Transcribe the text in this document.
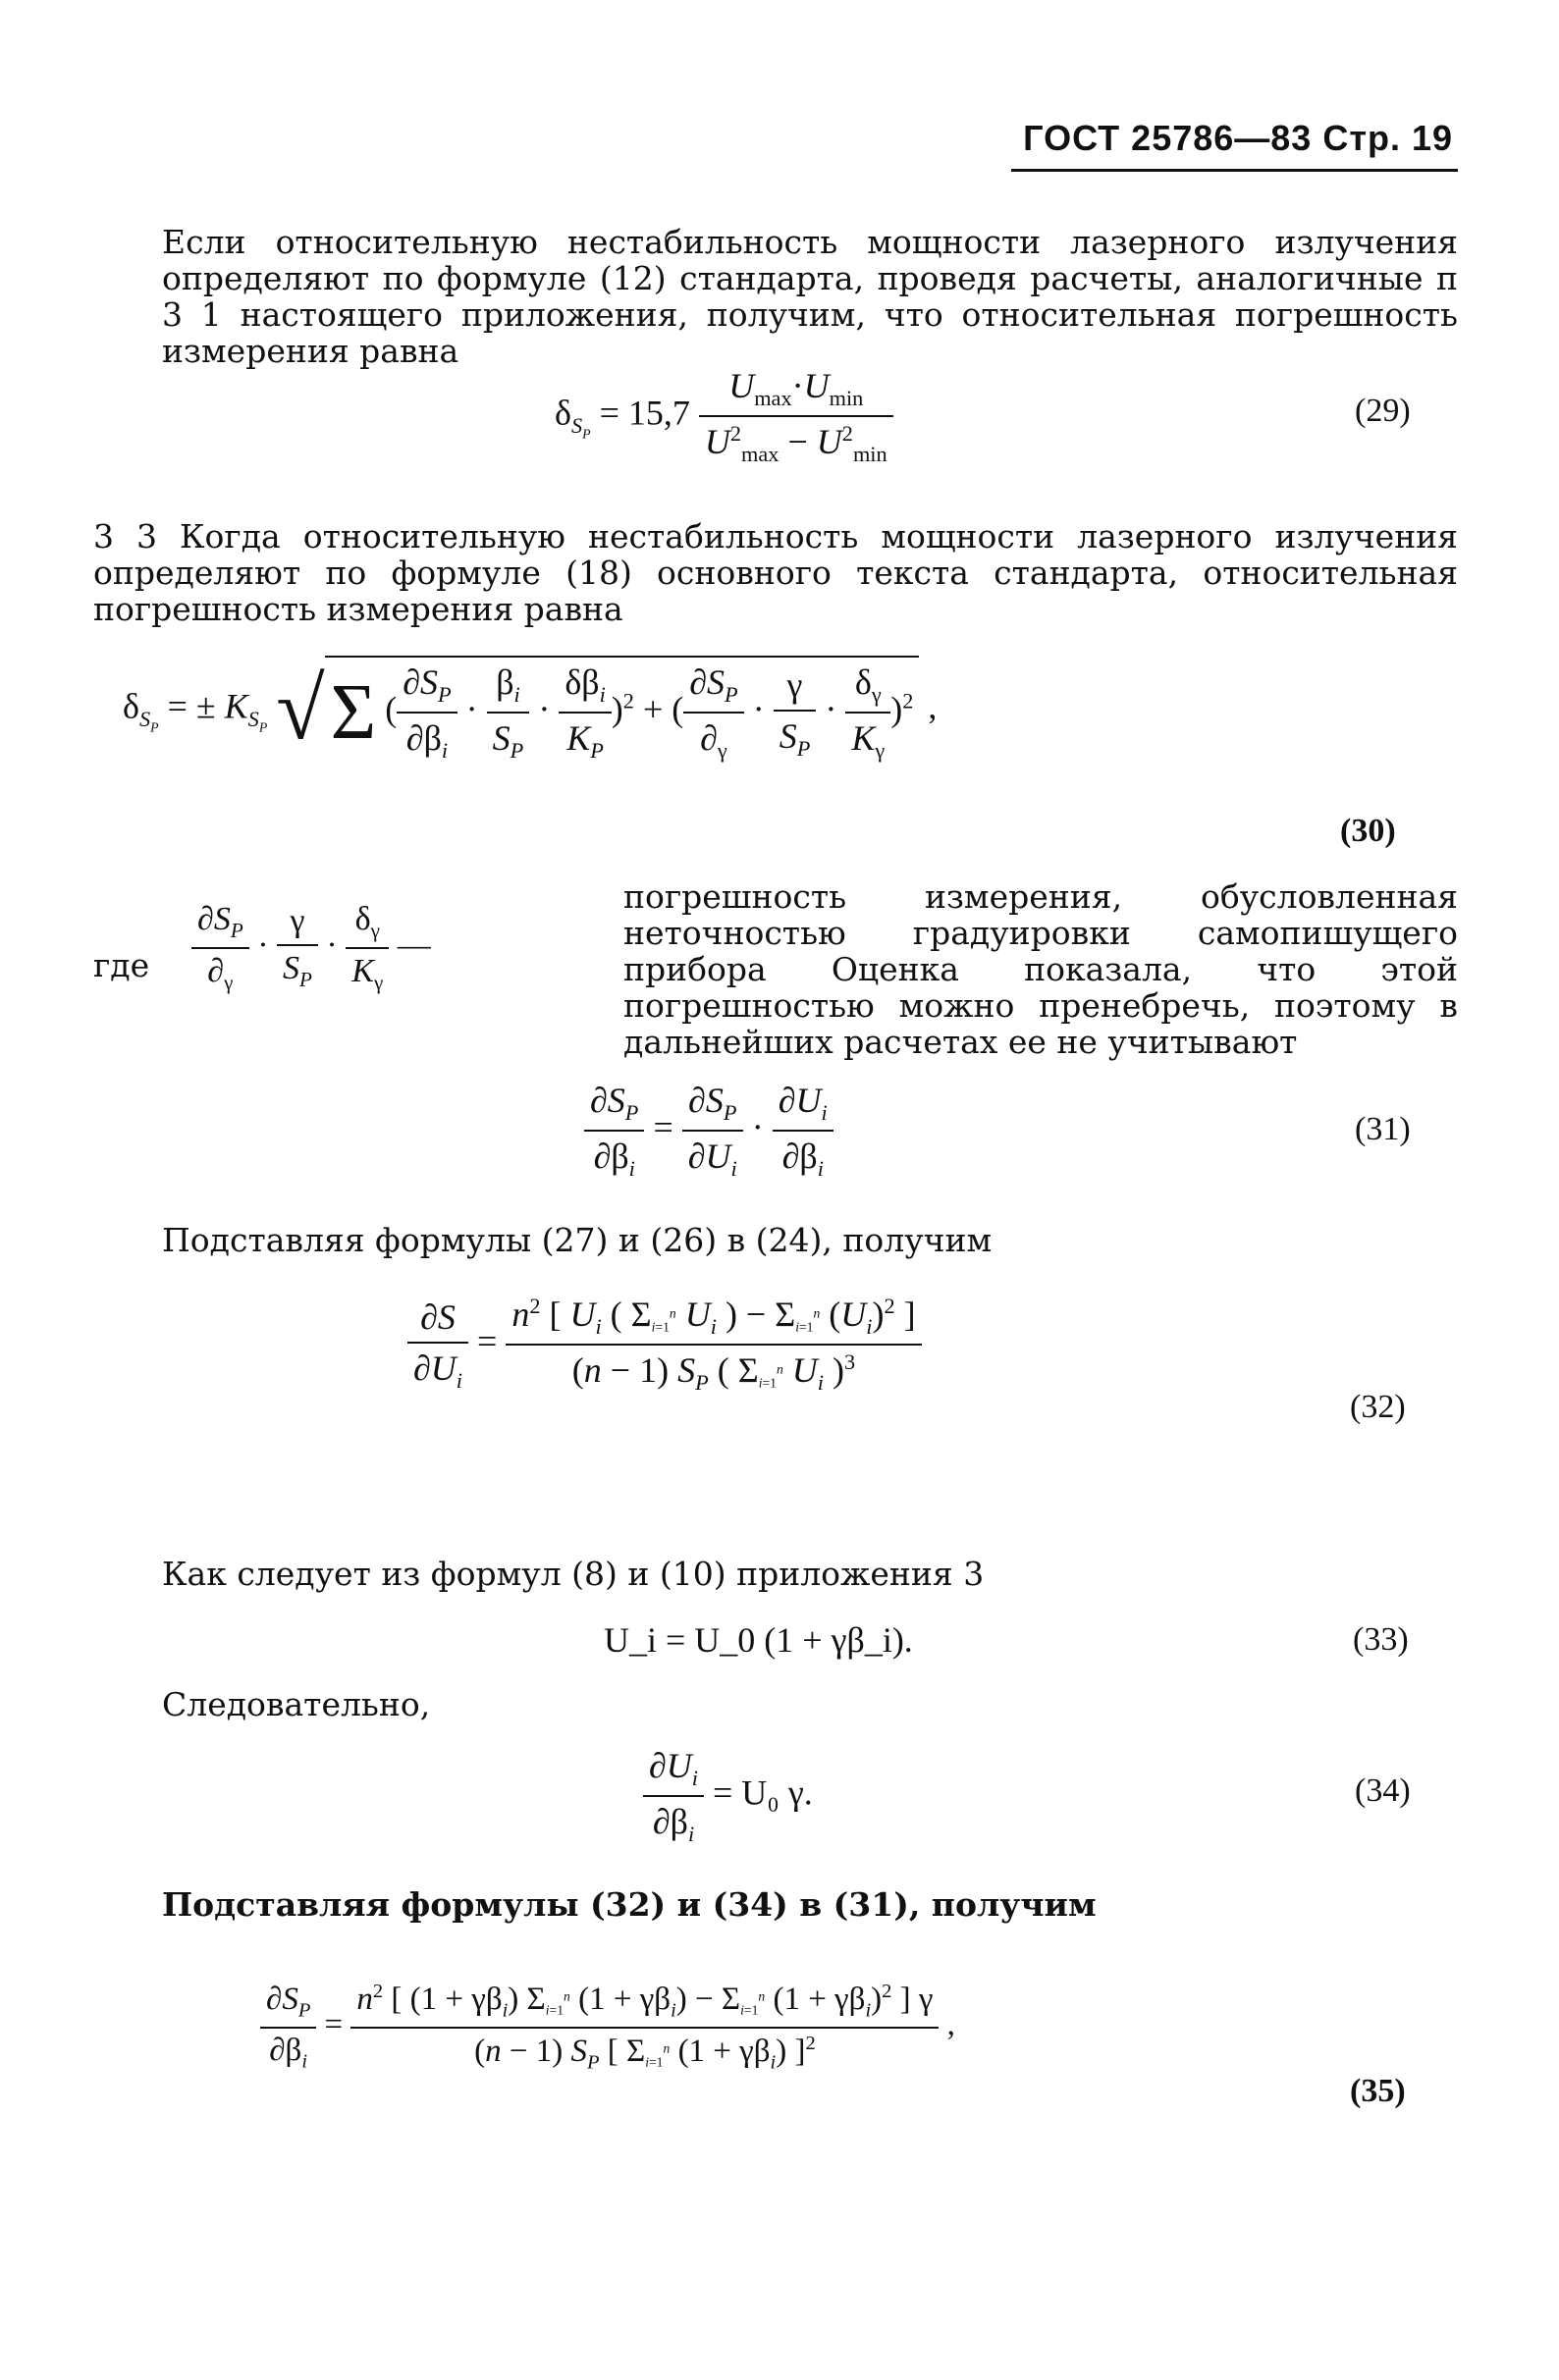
ГОСТ 25786—83 Стр. 19
Если относительную нестабильность мощности лазерного излучения определяют по формуле (12) стандарта, проведя расчеты, аналогичные п 3 1 настоящего приложения, получим, что относительная погрешность измерения равна
$\delta_{S_P} = 15,7 \frac{U_{max}\cdot U_{min}}{U^2_{max} - U^2_{min}}$	(29)
3 3 Когда относительную нестабильность мощности лазерного излучения определяют по формуле (18) основного текста стандарта, относительная погрешность измерения равна
$\delta_{S_P}$ = ± $K_{S_P}$ √Σ ( $\frac{\partial S_P}{\partial\beta_i} \cdot \frac{\beta_i}{S_P} \cdot \frac{\delta\beta_i}{K_P} )^2$ + ( $\frac{\partial S_P}{\partial_\gamma} \cdot \frac{\gamma}{S_P} \cdot \frac{\delta_\gamma}{K_\gamma} )^2$ ,
(30)
где $\frac{\partial S_P}{\partial_\gamma} \cdot \frac{\gamma}{S_P} \cdot \frac{\delta_\gamma}{K_\gamma}$ —
погрешность измерения, обусловленная неточностью градуировки самопишущего прибора Оценка показала, что этой погрешностью можно пренебречь, поэтому в дальнейших расчетах ее не учитывают
$\frac{\partial S_P}{\partial\beta_i} = \frac{\partial S_P}{\partial U_i} \cdot \frac{\partial U_i}{\partial\beta_i}$	(31)
Подставляя формулы (27) и (26) в (24), получим
$\frac{\partial S}{\partial U_i} = \frac{n^2 [ U_i ( \Sigma_{i=1}^n U_i ) - \Sigma_{i=1}^n (U_i)^2 ]}{(n - 1) S_P ( \Sigma_{i=1}^n U_i )^3}$
(32)
Как следует из формул (8) и (10) приложения 3
U_i = U_0 (1 + γβ_i).	(33)
Следовательно,
$\frac{\partial U_i}{\partial\beta_i} = U_0$ γ.	(34)
Подставляя формулы (32) и (34) в (31), получим
$\frac{\partial S_P}{\partial\beta_i} = \frac{n^2 [ (1 + \gamma\beta_i) \Sigma_{i=1}^n (1 + \gamma\beta_i) - \Sigma_{i=1}^n (1 + \gamma\beta_i)^2 ] \gamma}{(n - 1) S_P [ \Sigma_{i=1}^n (1 + \gamma\beta_i) ]^2}$ ,
(35)
